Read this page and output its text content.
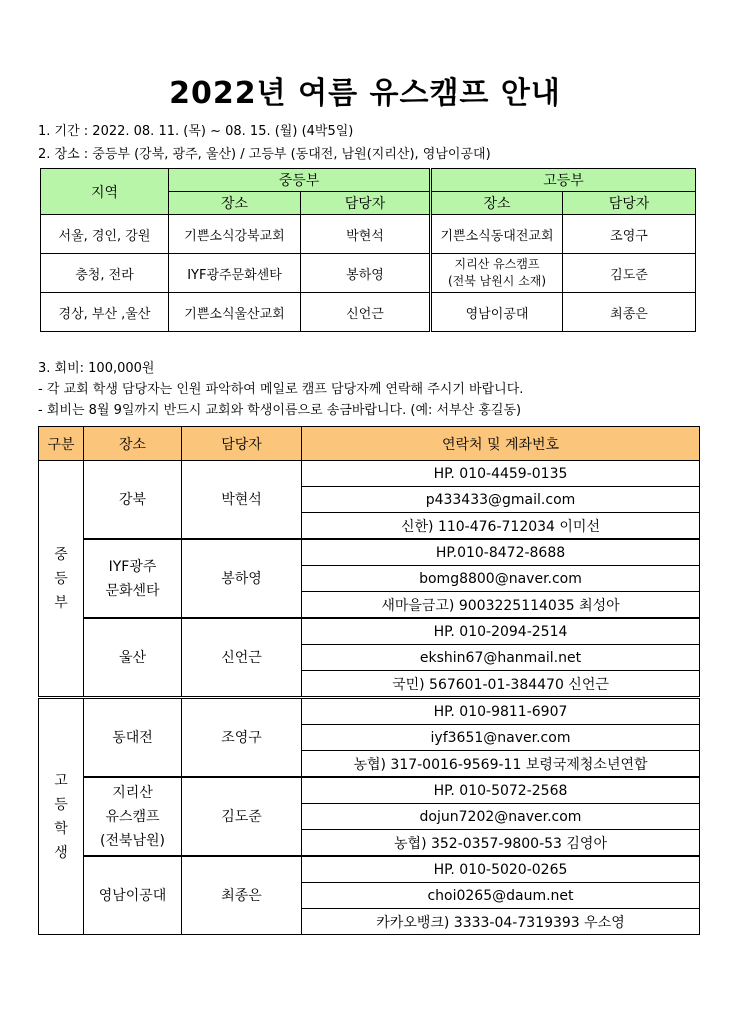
2022년 여름 유스캠프 안내
1. 기간 : 2022. 08. 11. (목) ~ 08. 15. (월) (4박5일)
2. 장소 : 중등부 (강북, 광주, 울산) / 고등부 (동대전, 남원(지리산), 영남이공대)
지역	중등부		고등부	
	장소	담당자	장소	담당자
서울, 경인, 강원	기쁜소식강북교회	박현석	기쁜소식동대전교회	조영구
충청, 전라	IYF광주문화센타	봉하영	지리산 유스캠프
(전북 남원시 소재)	김도준
경상, 부산 ,울산	기쁜소식울산교회	신언근	영남이공대	최종은
3. 회비: 100,000원
- 각 교회 학생 담당자는 인원 파악하여 메일로 캠프 담당자께 연락해 주시기 바랍니다.
- 회비는 8월 9일까지 반드시 교회와 학생이름으로 송금바랍니다. (예: 서부산 홍길동)
구분	장소	담당자	연락처 및 계좌번호
중
등
부	강북	박현석	HP. 010-4459-0135
			p433433@gmail.com
			신한) 110-476-712034 이미선
	IYF광주
문화센타	봉하영	HP.010-8472-8688
			bomg8800@naver.com
			새마을금고) 9003225114035 최성아
	울산	신언근	HP. 010-2094-2514
			ekshin67@hanmail.net
			국민) 567601-01-384470 신언근
고
등
학
생	동대전	조영구	HP. 010-9811-6907
			iyf3651@naver.com
			농협) 317-0016-9569-11 보령국제청소년연합
	지리산
유스캠프
(전북남원)	김도준	HP. 010-5072-2568
			dojun7202@naver.com
			농협) 352-0357-9800-53 김영아
	영남이공대	최종은	HP. 010-5020-0265
			choi0265@daum.net
			카카오뱅크) 3333-04-7319393 우소영
